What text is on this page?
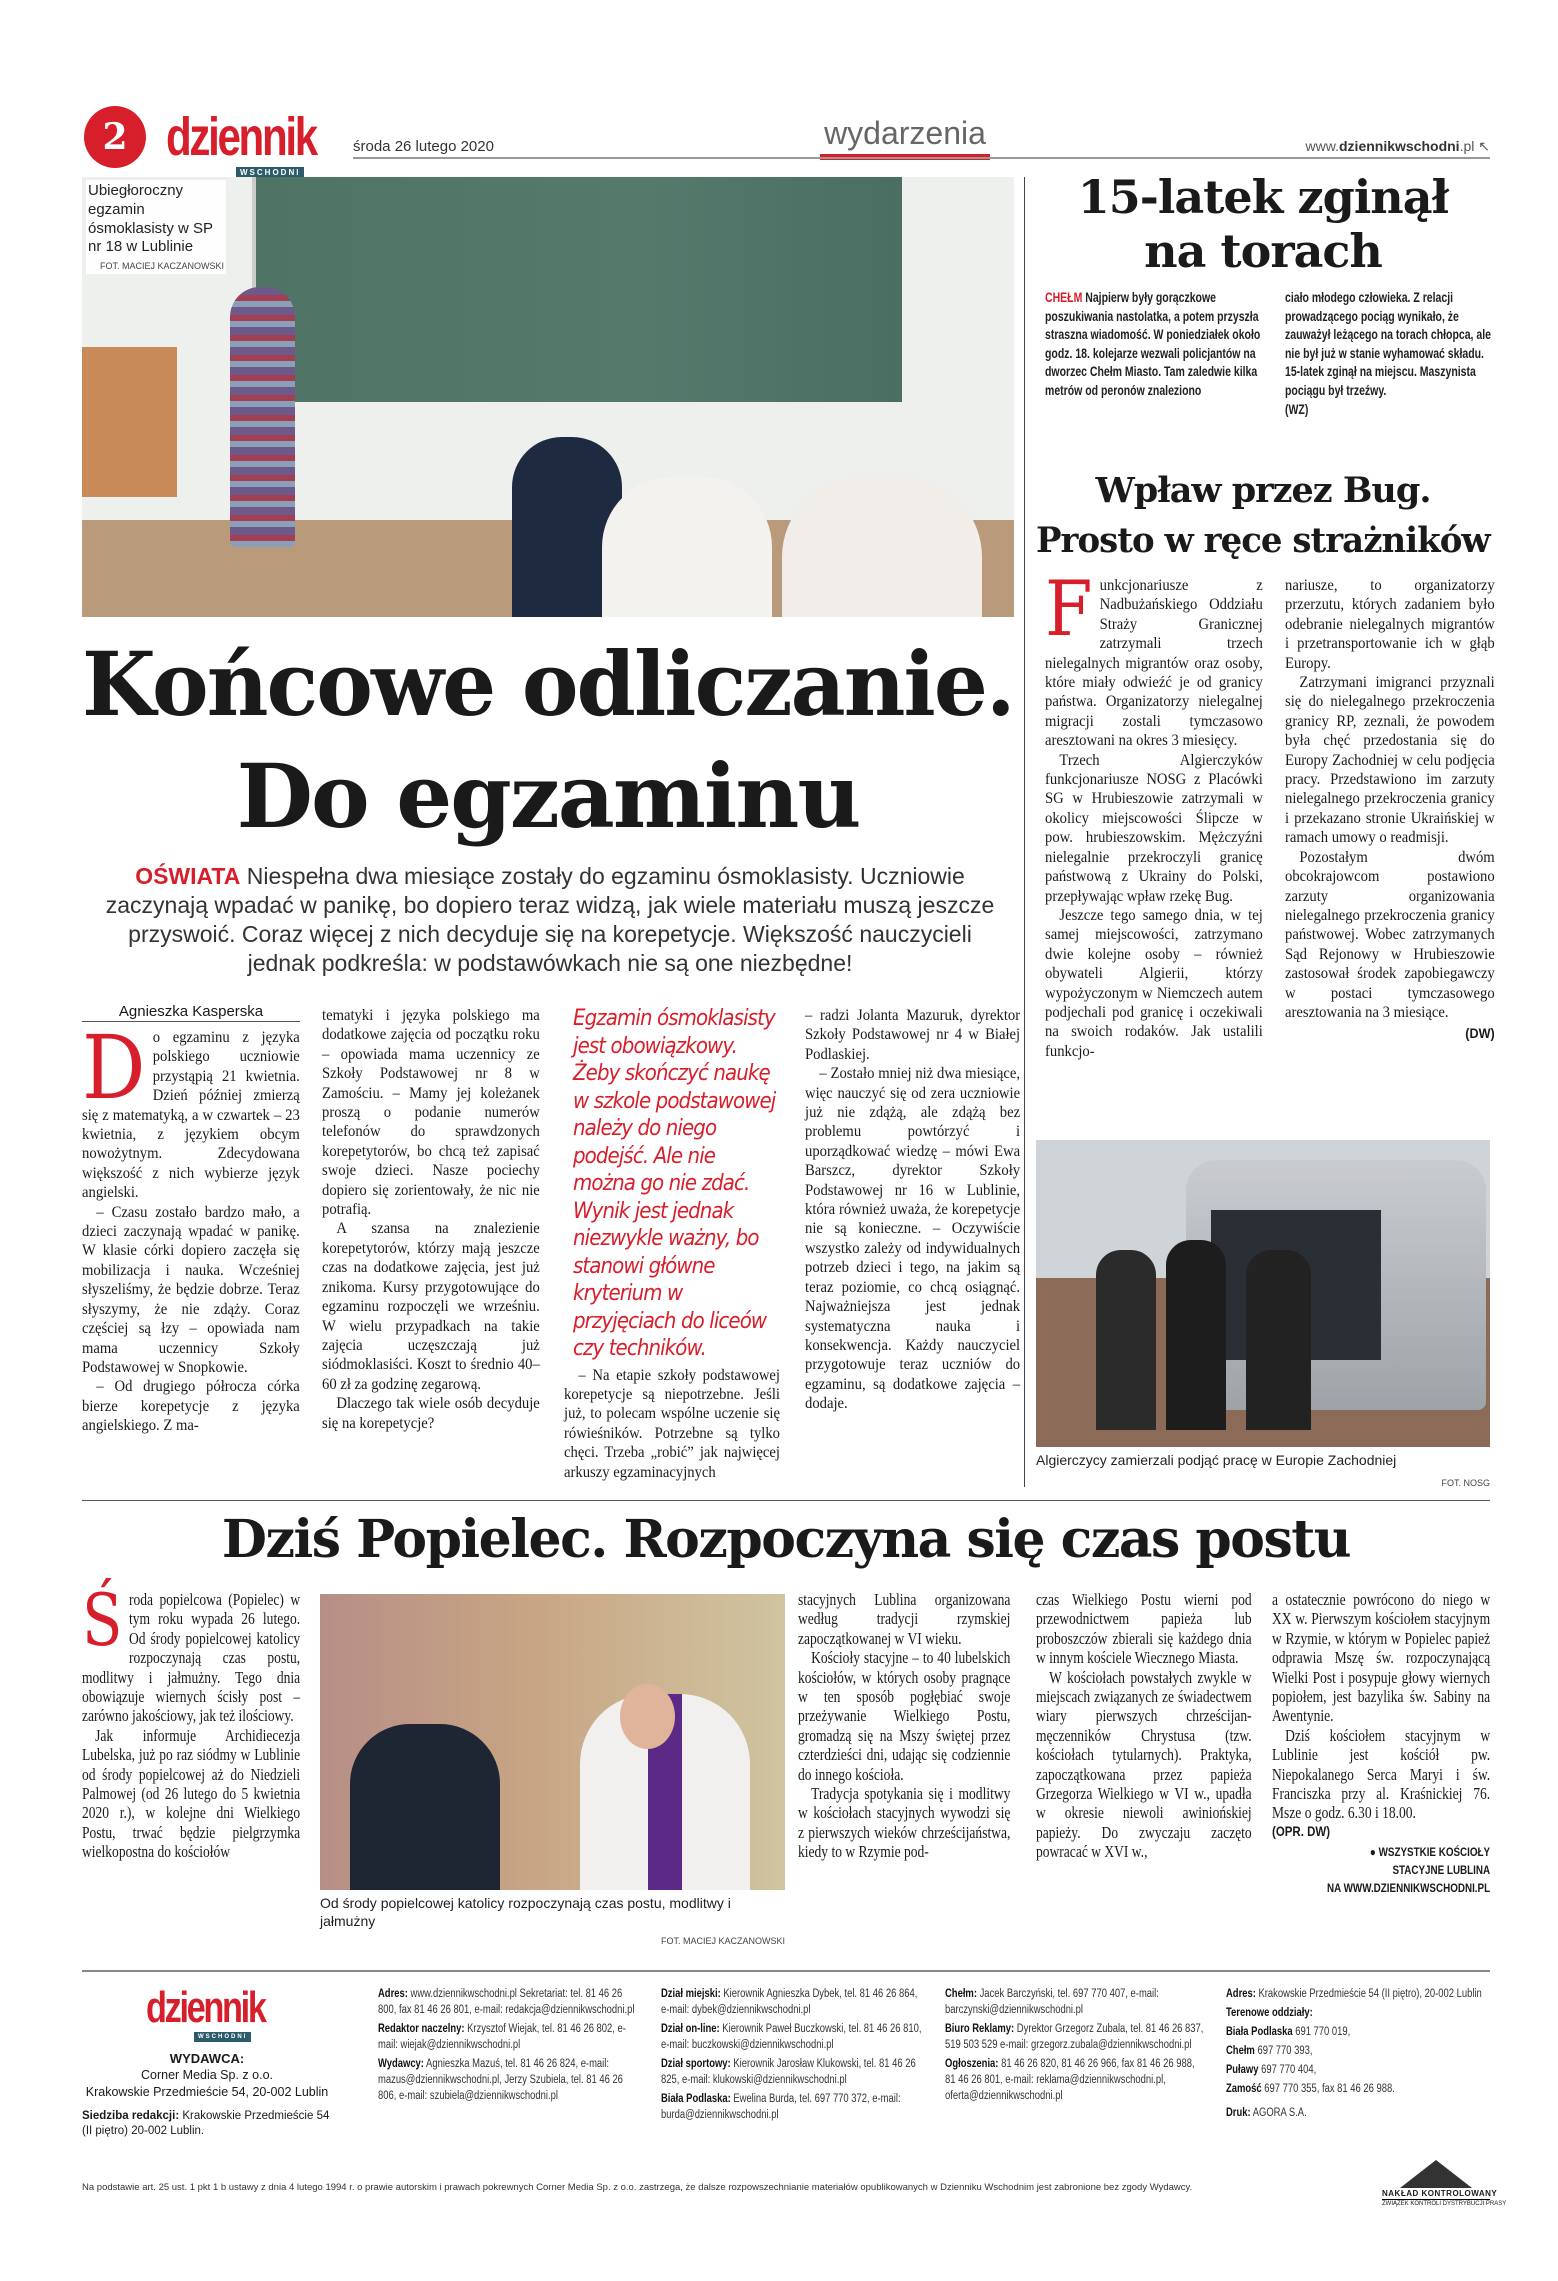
2 dziennik
WSCHODNI
środa 26 lutego 2020	wydarzenia	www.dziennikwschodni.pl ↖
Ubiegłoroczny egzamin ósmoklasisty w SP nr 18 w Lublinie
FOT. MACIEJ KACZANOWSKI
Końcowe odliczanie.
Do egzaminu
OŚWIATA Niespełna dwa miesiące zostały do egzaminu ósmoklasisty. Uczniowie zaczynają wpadać w panikę, bo dopiero teraz widzą, jak wiele materiału muszą jeszcze przyswoić. Coraz więcej z nich decyduje się na korepetycje. Większość nauczycieli jednak podkreśla: w podstawówkach nie są one niezbędne!
Agnieszka Kasperska
D o egzaminu z języka polskiego uczniowie przystąpią 21 kwietnia. Dzień później zmierzą się z matematyką, a w czwartek – 23 kwietnia, z językiem obcym nowożytnym. Zdecydowana większość z nich wybierze język angielski.

– Czasu zostało bardzo mało, a dzieci zaczynają wpadać w panikę. W klasie córki dopiero zaczęła się mobilizacja i nauka. Wcześniej słyszeliśmy, że będzie dobrze. Teraz słyszymy, że nie zdąży. Coraz częściej są łzy – opowiada nam mama uczennicy Szkoły Podstawowej w Snopkowie.

– Od drugiego półrocza córka bierze korepetycje z języka angielskiego. Z ma-

tematyki i języka polskiego ma dodatkowe zajęcia od początku roku – opowiada mama uczennicy ze Szkoły Podstawowej nr 8 w Zamościu. – Mamy jej koleżanek proszą o podanie numerów telefonów do sprawdzonych korepetytorów, bo chcą też zapisać swoje dzieci. Nasze pociechy dopiero się zorientowały, że nic nie potrafią.

A szansa na znalezienie korepetytorów, którzy mają jeszcze czas na dodatkowe zajęcia, jest już znikoma. Kursy przygotowujące do egzaminu rozpoczęli we wrześniu. W wielu przypadkach na takie zajęcia uczęszczają już siódmoklasiści. Koszt to średnio 40–60 zł za godzinę zegarową.

Dlaczego tak wiele osób decyduje się na korepetycje?

Egzamin ósmoklasisty jest obowiązkowy. Żeby skończyć naukę w szkole podstawowej należy do niego podejść. Ale nie można go nie zdać. Wynik jest jednak niezwykle ważny, bo stanowi główne kryterium w przyjęciach do liceów czy techników.

– Na etapie szkoły podstawowej korepetycje są niepotrzebne. Jeśli już, to polecam wspólne uczenie się rówieśników. Potrzebne są tylko chęci. Trzeba „robić” jak najwięcej arkuszy egzaminacyjnych

– radzi Jolanta Mazuruk, dyrektor Szkoły Podstawowej nr 4 w Białej Podlaskiej.

– Zostało mniej niż dwa miesiące, więc nauczyć się od zera uczniowie już nie zdążą, ale zdążą bez problemu powtórzyć i uporządkować wiedzę – mówi Ewa Barszcz, dyrektor Szkoły Podstawowej nr 16 w Lublinie, która również uważa, że korepetycje nie są konieczne. – Oczywiście wszystko zależy od indywidualnych potrzeb dzieci i tego, na jakim są teraz poziomie, co chcą osiągnąć. Najważniejsza jest jednak systematyczna nauka i konsekwencja. Każdy nauczyciel przygotowuje teraz uczniów do egzaminu, są dodatkowe zajęcia – dodaje.

15-latek zginął
na torach
CHEŁM Najpierw były gorączkowe poszukiwania nastolatka, a potem przyszła straszna wiadomość. W poniedziałek około godz. 18. kolejarze wezwali policjantów na dworzec Chełm Miasto. Tam zaledwie kilka metrów od peronów znaleziono
ciało młodego człowieka. Z relacji prowadzącego pociąg wynikało, że zauważył leżącego na torach chłopca, ale nie był już w stanie wyhamować składu. 15-latek zginął na miejscu. Maszynista pociągu był trzeźwy.
(WZ)
Wpław przez Bug.
Prosto w ręce strażników
F unkcjonariusze z Nadbużańskiego Oddziału Straży Granicznej zatrzymali trzech nielegalnych migrantów oraz osoby, które miały odwieźć je od granicy państwa. Organizatorzy nielegalnej migracji zostali tymczasowo aresztowani na okres 3 miesięcy.

Trzech Algierczyków funkcjonariusze NOSG z Placówki SG w Hrubieszowie zatrzymali w okolicy miejscowości Ślipcze w pow. hrubieszowskim. Mężczyźni nielegalnie przekroczyli granicę państwową z Ukrainy do Polski, przepływając wpław rzekę Bug.

Jeszcze tego samego dnia, w tej samej miejscowości, zatrzymano dwie kolejne osoby – również obywateli Algierii, którzy wypożyczonym w Niemczech autem podjechali pod granicę i oczekiwali na swoich rodaków. Jak ustalili funkcjo-

nariusze, to organizatorzy przerzutu, których zadaniem było odebranie nielegalnych migrantów i przetransportowanie ich w głąb Europy.

Zatrzymani imigranci przyznali się do nielegalnego przekroczenia granicy RP, zeznali, że powodem była chęć przedostania się do Europy Zachodniej w celu podjęcia pracy. Przedstawiono im zarzuty nielegalnego przekroczenia granicy i przekazano stronie Ukraińskiej w ramach umowy o readmisji.

Pozostałym dwóm obcokrajowcom postawiono zarzuty organizowania nielegalnego przekroczenia granicy państwowej. Wobec zatrzymanych Sąd Rejonowy w Hrubieszowie zastosował środek zapobiegawczy w postaci tymczasowego aresztowania na 3 miesiące.

(DW)
Algierczycy zamierzali podjąć pracę w Europie Zachodniej
FOT. NOSG
Dziś Popielec. Rozpoczyna się czas postu
Ś roda popielcowa (Popielec) w tym roku wypada 26 lutego. Od środy popielcowej katolicy rozpoczynają czas postu, modlitwy i jałmużny. Tego dnia obowiązuje wiernych ścisły post – zarówno jakościowy, jak też ilościowy.

Jak informuje Archidiecezja Lubelska, już po raz siódmy w Lublinie od środy popielcowej aż do Niedzieli Palmowej (od 26 lutego do 5 kwietnia 2020 r.), w kolejne dni Wielkiego Postu, trwać będzie pielgrzymka wielkopostna do kościołów

Od środy popielcowej katolicy rozpoczynają czas postu, modlitwy i jałmużny
FOT. MACIEJ KACZANOWSKI

stacyjnych Lublina organizowana według tradycji rzymskiej zapoczątkowanej w VI wieku.

Kościoły stacyjne – to 40 lubelskich kościołów, w których osoby pragnące w ten sposób pogłębiać swoje przeżywanie Wielkiego Postu, gromadzą się na Mszy świętej przez czterdzieści dni, udając się codziennie do innego kościoła.

Tradycja spotykania się i modlitwy w kościołach stacyjnych wywodzi się z pierwszych wieków chrześcijaństwa, kiedy to w Rzymie pod-

czas Wielkiego Postu wierni pod przewodnictwem papieża lub proboszczów zbierali się każdego dnia w innym kościele Wiecznego Miasta.

W kościołach powstałych zwykle w miejscach związanych ze świadectwem wiary pierwszych chrześcijan-męczenników Chrystusa (tzw. kościołach tytularnych). Praktyka, zapoczątkowana przez papieża Grzegorza Wielkiego w VI w., upadła w okresie niewoli awiniońskiej papieży. Do zwyczaju zaczęto powracać w XVI w.,

a ostatecznie powrócono do niego w XX w. Pierwszym kościołem stacyjnym w Rzymie, w którym w Popielec papież odprawia Mszę św. rozpoczynającą Wielki Post i posypuje głowy wiernych popiołem, jest bazylika św. Sabiny na Awentynie.

Dziś kościołem stacyjnym w Lublinie jest kościół pw. Niepokalanego Serca Maryi i św. Franciszka przy al. Kraśnickiej 76. Msze o godz. 6.30 i 18.00.

(OPR. DW)
● WSZYSTKIE KOŚCIOŁY
STACYJNE LUBLINA
NA WWW.DZIENNIKWSCHODNI.PL
dziennik
WSCHODNI
WYDAWCA:
Corner Media Sp. z o.o.
Krakowskie Przedmieście 54, 20-002 Lublin
Siedziba redakcji: Krakowskie Przedmieście 54 (II piętro) 20-002 Lublin.
Adres: www.dziennikwschodni.pl Sekretariat: tel. 81 46 26 800, fax 81 46 26 801, e-mail: redakcja@dziennikwschodni.pl
Redaktor naczelny: Krzysztof Wiejak, tel. 81 46 26 802, e-mail: wiejak@dziennikwschodni.pl
Wydawcy: Agnieszka Mazuś, tel. 81 46 26 824, e-mail: mazus@dziennikwschodni.pl, Jerzy Szubiela, tel. 81 46 26 806, e-mail: szubiela@dziennikwschodni.pl
Dział miejski: Kierownik Agnieszka Dybek, tel. 81 46 26 864, e-mail: dybek@dziennikwschodni.pl
Dział on-line: Kierownik Paweł Buczkowski, tel. 81 46 26 810, e-mail: buczkowski@dziennikwschodni.pl
Dział sportowy: Kierownik Jarosław Klukowski, tel. 81 46 26 825, e-mail: klukowski@dziennikwschodni.pl
Biała Podlaska: Ewelina Burda, tel. 697 770 372, e-mail: burda@dziennikwschodni.pl
Chełm: Jacek Barczyński, tel. 697 770 407, e-mail: barczynski@dziennikwschodni.pl
Biuro Reklamy: Dyrektor Grzegorz Zubala, tel. 81 46 26 837, 519 503 529 e-mail: grzegorz.zubala@dziennikwschodni.pl
Ogłoszenia: 81 46 26 820, 81 46 26 966, fax 81 46 26 988, 81 46 26 801, e-mail: reklama@dziennikwschodni.pl, oferta@dziennikwschodni.pl
Adres: Krakowskie Przedmieście 54 (II piętro), 20-002 Lublin
Terenowe oddziały:
Biała Podlaska 691 770 019,
Chełm 697 770 393,
Puławy 697 770 404,
Zamość 697 770 355, fax 81 46 26 988.
Druk: AGORA S.A.
NAKŁAD KONTROLOWANY
ZWIĄZEK KONTROLI DYSTRYBUCJI PRASY
Na podstawie art. 25 ust. 1 pkt 1 b ustawy z dnia 4 lutego 1994 r. o prawie autorskim i prawach pokrewnych Corner Media Sp. z o.o. zastrzega, że dalsze rozpowszechnianie materiałów opublikowanych w Dzienniku Wschodnim jest zabronione bez zgody Wydawcy.
